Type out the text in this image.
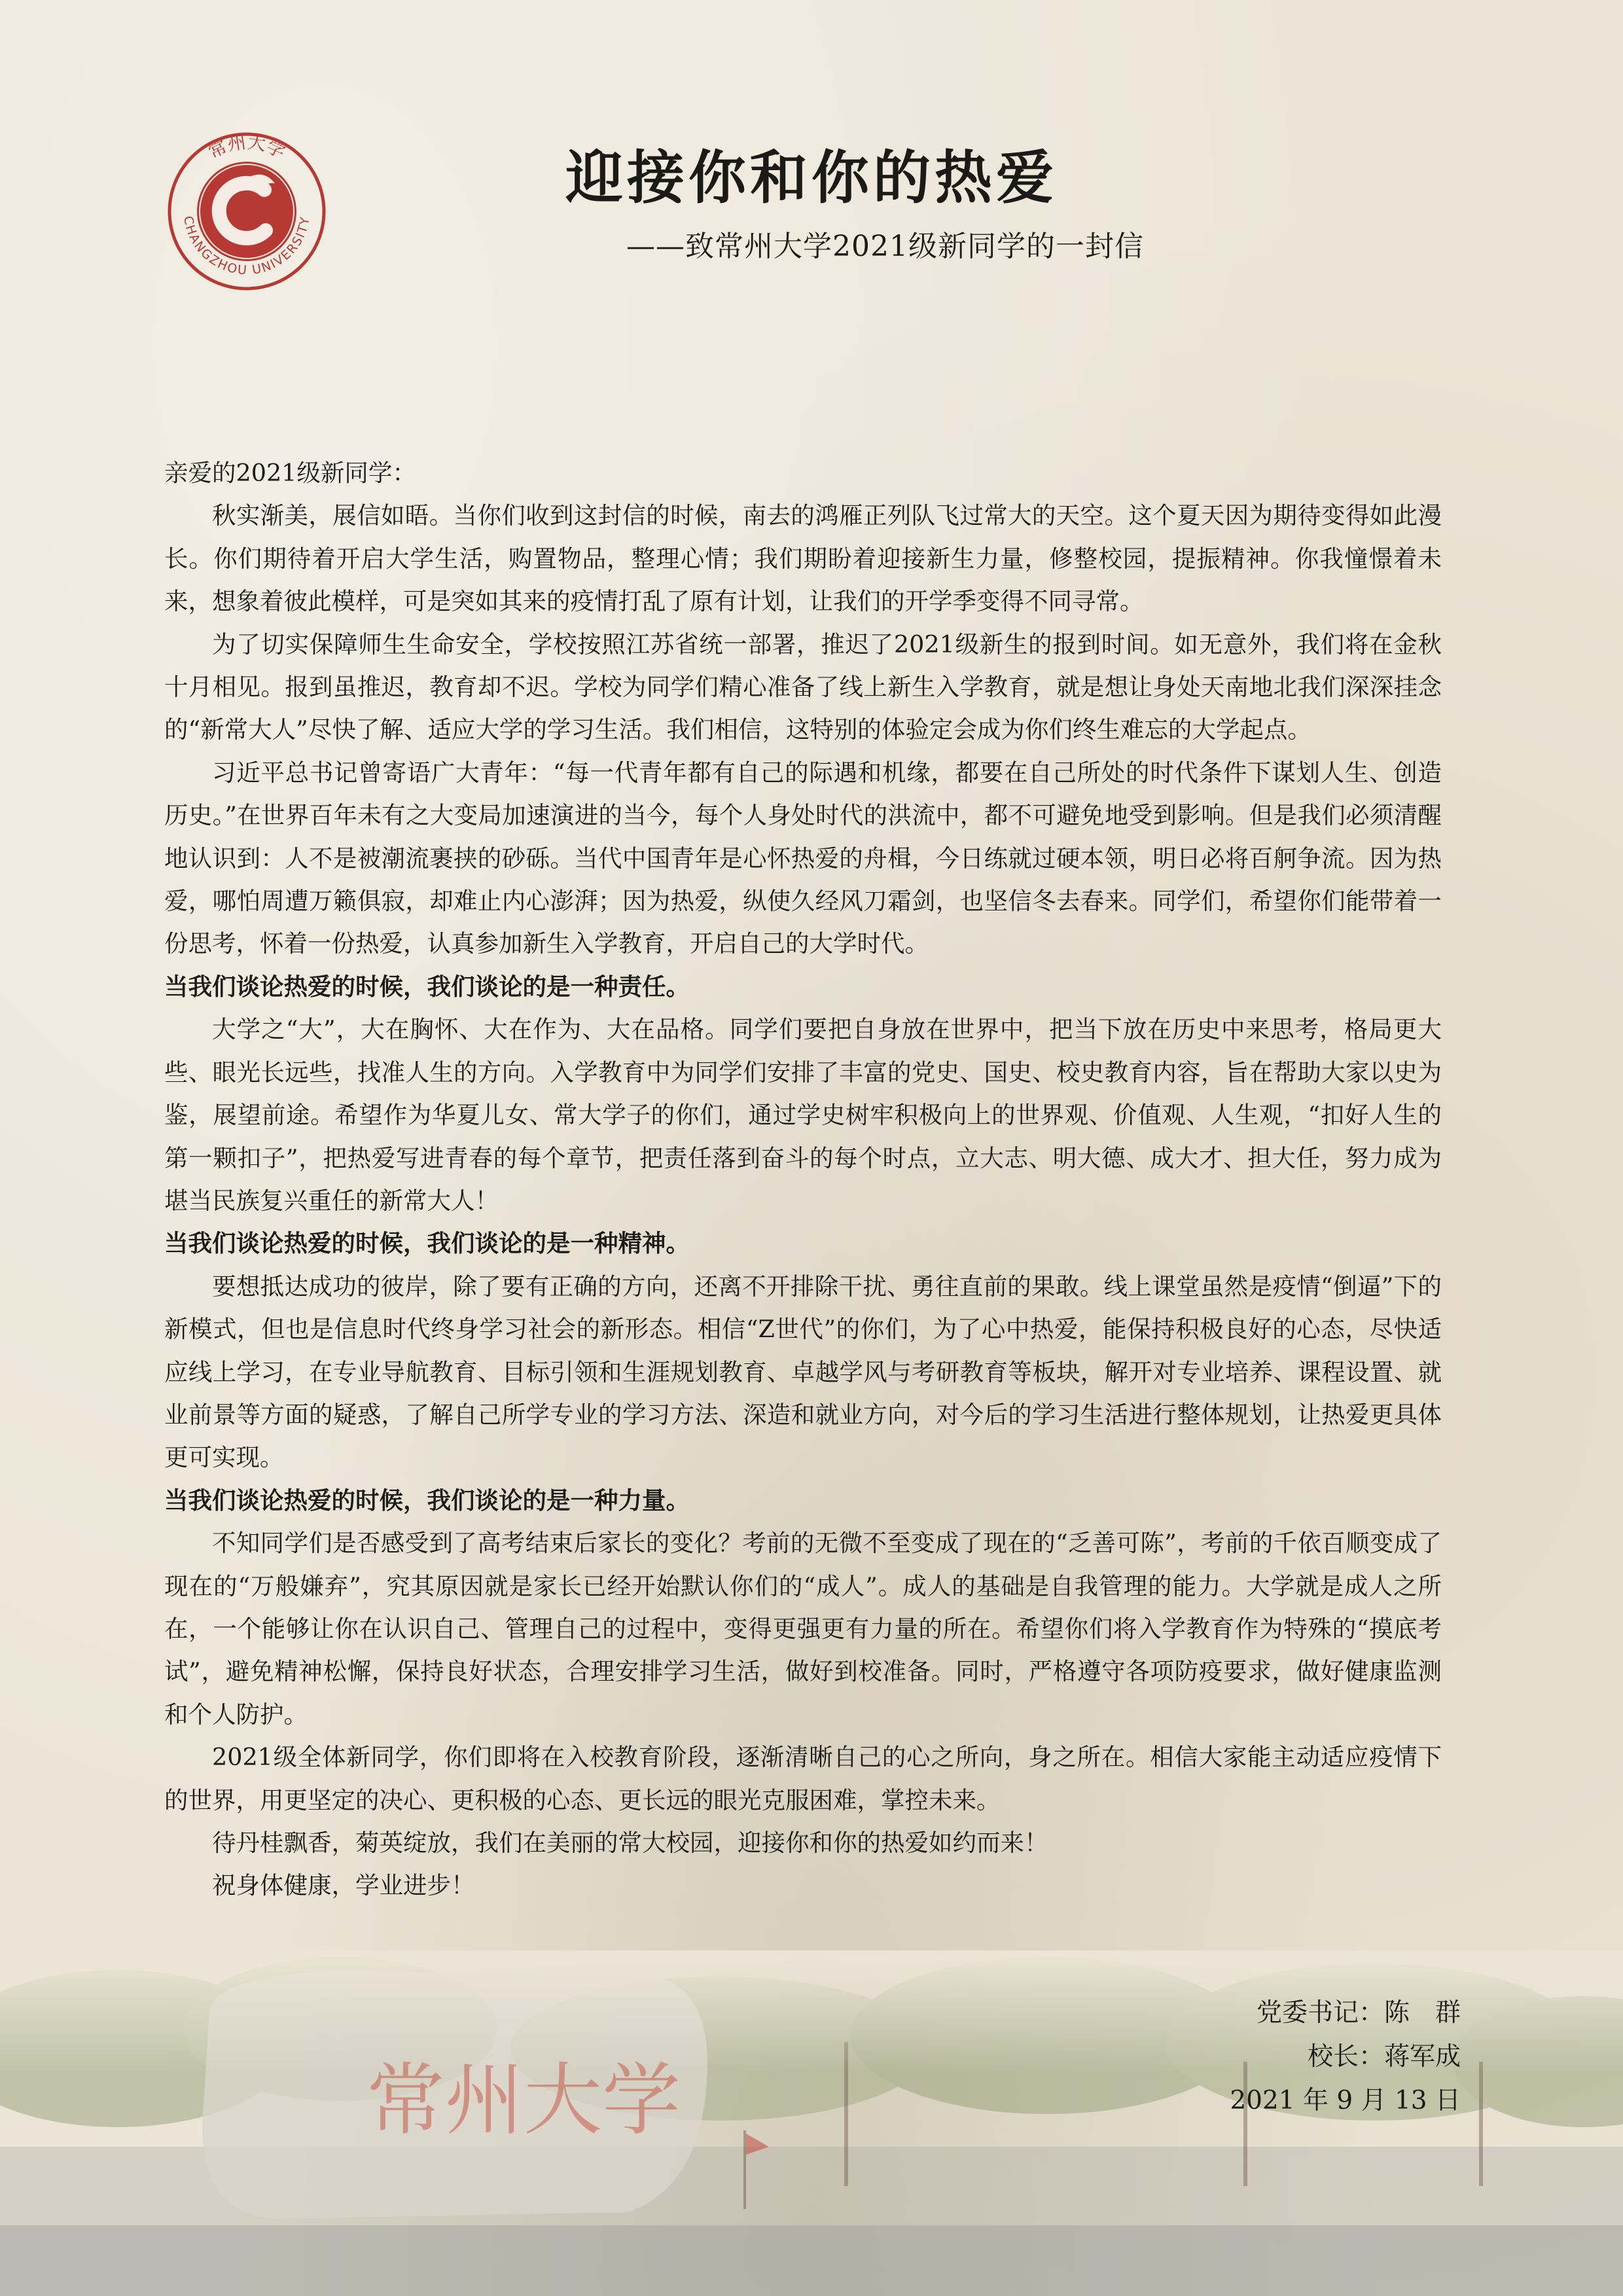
CHANGZHOU UNIVERSITY
常州大学	迎接你和你的热爱
——致常州大学2021级新同学的一封信

亲爱的2021级新同学：

秋实渐美，展信如晤。当你们收到这封信的时候，南去的鸿雁正列队飞过常大的天空。这个夏天因为期待变得如此漫长。你们期待着开启大学生活，购置物品，整理心情；我们期盼着迎接新生力量，修整校园，提振精神。你我憧憬着未来，想象着彼此模样，可是突如其来的疫情打乱了原有计划，让我们的开学季变得不同寻常。

为了切实保障师生生命安全，学校按照江苏省统一部署，推迟了2021级新生的报到时间。如无意外，我们将在金秋十月相见。报到虽推迟，教育却不迟。学校为同学们精心准备了线上新生入学教育，就是想让身处天南地北我们深深挂念的“新常大人”尽快了解、适应大学的学习生活。我们相信，这特别的体验定会成为你们终生难忘的大学起点。

习近平总书记曾寄语广大青年：“每一代青年都有自己的际遇和机缘，都要在自己所处的时代条件下谋划人生、创造历史。”在世界百年未有之大变局加速演进的当今，每个人身处时代的洪流中，都不可避免地受到影响。但是我们必须清醒地认识到：人不是被潮流裹挟的砂砾。当代中国青年是心怀热爱的舟楫，今日练就过硬本领，明日必将百舸争流。因为热爱，哪怕周遭万籁俱寂，却难止内心澎湃；因为热爱，纵使久经风刀霜剑，也坚信冬去春来。同学们，希望你们能带着一份思考，怀着一份热爱，认真参加新生入学教育，开启自己的大学时代。

当我们谈论热爱的时候，我们谈论的是一种责任。

大学之“大”，大在胸怀、大在作为、大在品格。同学们要把自身放在世界中，把当下放在历史中来思考，格局更大些、眼光长远些，找准人生的方向。入学教育中为同学们安排了丰富的党史、国史、校史教育内容，旨在帮助大家以史为鉴，展望前途。希望作为华夏儿女、常大学子的你们，通过学史树牢积极向上的世界观、价值观、人生观，“扣好人生的第一颗扣子”，把热爱写进青春的每个章节，把责任落到奋斗的每个时点，立大志、明大德、成大才、担大任，努力成为堪当民族复兴重任的新常大人！

当我们谈论热爱的时候，我们谈论的是一种精神。

要想抵达成功的彼岸，除了要有正确的方向，还离不开排除干扰、勇往直前的果敢。线上课堂虽然是疫情“倒逼”下的新模式，但也是信息时代终身学习社会的新形态。相信“Z世代”的你们，为了心中热爱，能保持积极良好的心态，尽快适应线上学习，在专业导航教育、目标引领和生涯规划教育、卓越学风与考研教育等板块，解开对专业培养、课程设置、就业前景等方面的疑惑，了解自己所学专业的学习方法、深造和就业方向，对今后的学习生活进行整体规划，让热爱更具体更可实现。

当我们谈论热爱的时候，我们谈论的是一种力量。

不知同学们是否感受到了高考结束后家长的变化？考前的无微不至变成了现在的“乏善可陈”，考前的千依百顺变成了现在的“万般嫌弃”，究其原因就是家长已经开始默认你们的“成人”。成人的基础是自我管理的能力。大学就是成人之所在，一个能够让你在认识自己、管理自己的过程中，变得更强更有力量的所在。希望你们将入学教育作为特殊的“摸底考试”，避免精神松懈，保持良好状态，合理安排学习生活，做好到校准备。同时，严格遵守各项防疫要求，做好健康监测和个人防护。

2021级全体新同学，你们即将在入校教育阶段，逐渐清晰自己的心之所向，身之所在。相信大家能主动适应疫情下的世界，用更坚定的决心、更积极的心态、更长远的眼光克服困难，掌控未来。

待丹桂飘香，菊英绽放，我们在美丽的常大校园，迎接你和你的热爱如约而来！

祝身体健康，学业进步！

党委书记：陈　群
校长：蒋军成
2021 年 9 月 13 日
